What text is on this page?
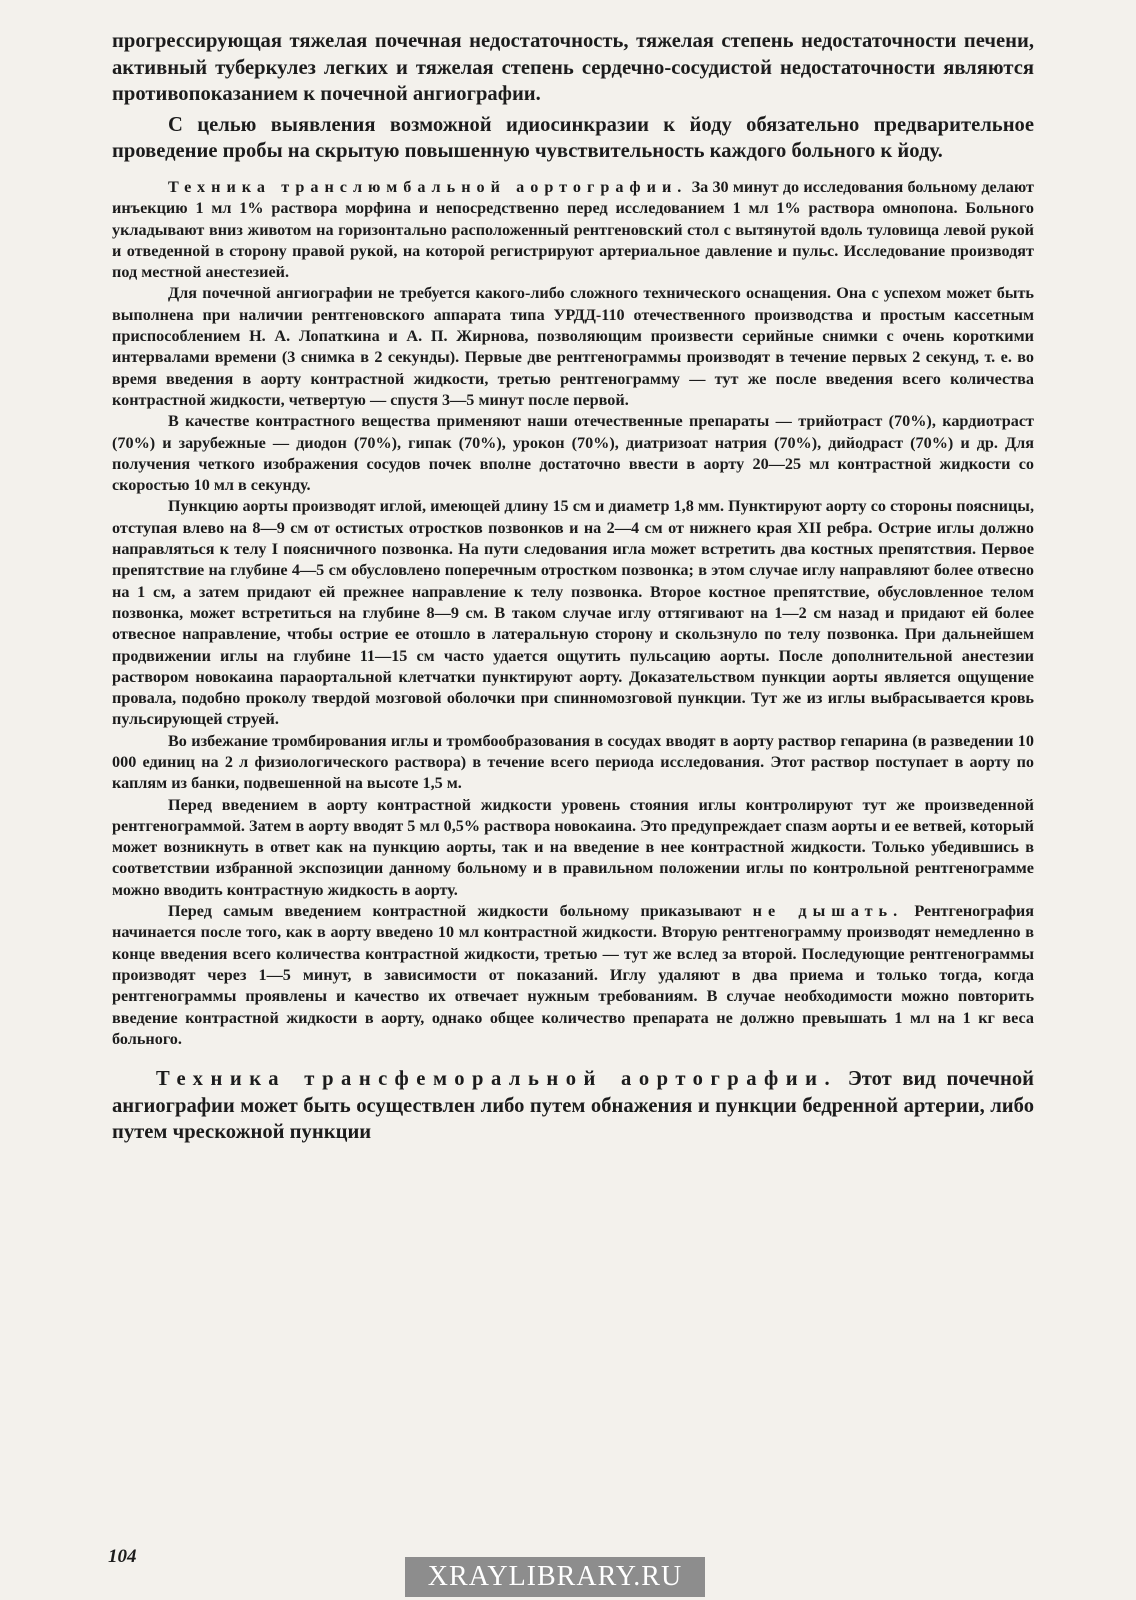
прогрессирующая тяжелая почечная недостаточность, тяжелая степень недостаточности печени, активный туберкулез легких и тяжелая степень сердечно-сосудистой недостаточности являются противопоказанием к почечной ангиографии.

С целью выявления возможной идиосинкразии к йоду обязательно предварительное проведение пробы на скрытую повышенную чувствительность каждого больного к йоду.

Техника транслюмбальной аортографии. За 30 минут до исследования больному делают инъекцию 1 мл 1% раствора морфина и непосредственно перед исследованием 1 мл 1% раствора омнопона. Больного укладывают вниз животом на горизонтально расположенный рентгеновский стол с вытянутой вдоль туловища левой рукой и отведенной в сторону правой рукой, на которой регистрируют артериальное давление и пульс. Исследование производят под местной анестезией.

Для почечной ангиографии не требуется какого-либо сложного технического оснащения. Она с успехом может быть выполнена при наличии рентгеновского аппарата типа УРДД-110 отечественного производства и простым кассетным приспособлением Н. А. Лопаткина и А. П. Жирнова, позволяющим произвести серийные снимки с очень короткими интервалами времени (3 снимка в 2 секунды). Первые две рентгенограммы производят в течение первых 2 секунд, т. е. во время введения в аорту контрастной жидкости, третью рентгенограмму — тут же после введения всего количества контрастной жидкости, четвертую — спустя 3—5 минут после первой.

В качестве контрастного вещества применяют наши отечественные препараты — трийотраст (70%), кардиотраст (70%) и зарубежные — диодон (70%), гипак (70%), урокон (70%), диатризоат натрия (70%), дийодраст (70%) и др. Для получения четкого изображения сосудов почек вполне достаточно ввести в аорту 20—25 мл контрастной жидкости со скоростью 10 мл в секунду.

Пункцию аорты производят иглой, имеющей длину 15 см и диаметр 1,8 мм. Пунктируют аорту со стороны поясницы, отступая влево на 8—9 см от остистых отростков позвонков и на 2—4 см от нижнего края XII ребра. Острие иглы должно направляться к телу I поясничного позвонка. На пути следования игла может встретить два костных препятствия. Первое препятствие на глубине 4—5 см обусловлено поперечным отростком позвонка; в этом случае иглу направляют более отвесно на 1 см, а затем придают ей прежнее направление к телу позвонка. Второе костное препятствие, обусловленное телом позвонка, может встретиться на глубине 8—9 см. В таком случае иглу оттягивают на 1—2 см назад и придают ей более отвесное направление, чтобы острие ее отошло в латеральную сторону и скользнуло по телу позвонка. При дальнейшем продвижении иглы на глубине 11—15 см часто удается ощутить пульсацию аорты. После дополнительной анестезии раствором новокаина параортальной клетчатки пунктируют аорту. Доказательством пункции аорты является ощущение провала, подобно проколу твердой мозговой оболочки при спинномозговой пункции. Тут же из иглы выбрасывается кровь пульсирующей струей.

Во избежание тромбирования иглы и тромбообразования в сосудах вводят в аорту раствор гепарина (в разведении 10 000 единиц на 2 л физиологического раствора) в течение всего периода исследования. Этот раствор поступает в аорту по каплям из банки, подвешенной на высоте 1,5 м.

Перед введением в аорту контрастной жидкости уровень стояния иглы контролируют тут же произведенной рентгенограммой. Затем в аорту вводят 5 мл 0,5% раствора новокаина. Это предупреждает спазм аорты и ее ветвей, который может возникнуть в ответ как на пункцию аорты, так и на введение в нее контрастной жидкости. Только убедившись в соответствии избранной экспозиции данному больному и в правильном положении иглы по контрольной рентгенограмме можно вводить контрастную жидкость в аорту.

Перед самым введением контрастной жидкости больному приказывают не дышать. Рентгенография начинается после того, как в аорту введено 10 мл контрастной жидкости. Вторую рентгенограмму производят немедленно в конце введения всего количества контрастной жидкости, третью — тут же вслед за второй. Последующие рентгенограммы производят через 1—5 минут, в зависимости от показаний. Иглу удаляют в два приема и только тогда, когда рентгенограммы проявлены и качество их отвечает нужным требованиям. В случае необходимости можно повторить введение контрастной жидкости в аорту, однако общее количество препарата не должно превышать 1 мл на 1 кг веса больного.

Техника трансфеморальной аортографии. Этот вид почечной ангиографии может быть осуществлен либо путем обнажения и пункции бедренной артерии, либо путем чрескожной пункции

104
XRAYLIBRARY.RU
